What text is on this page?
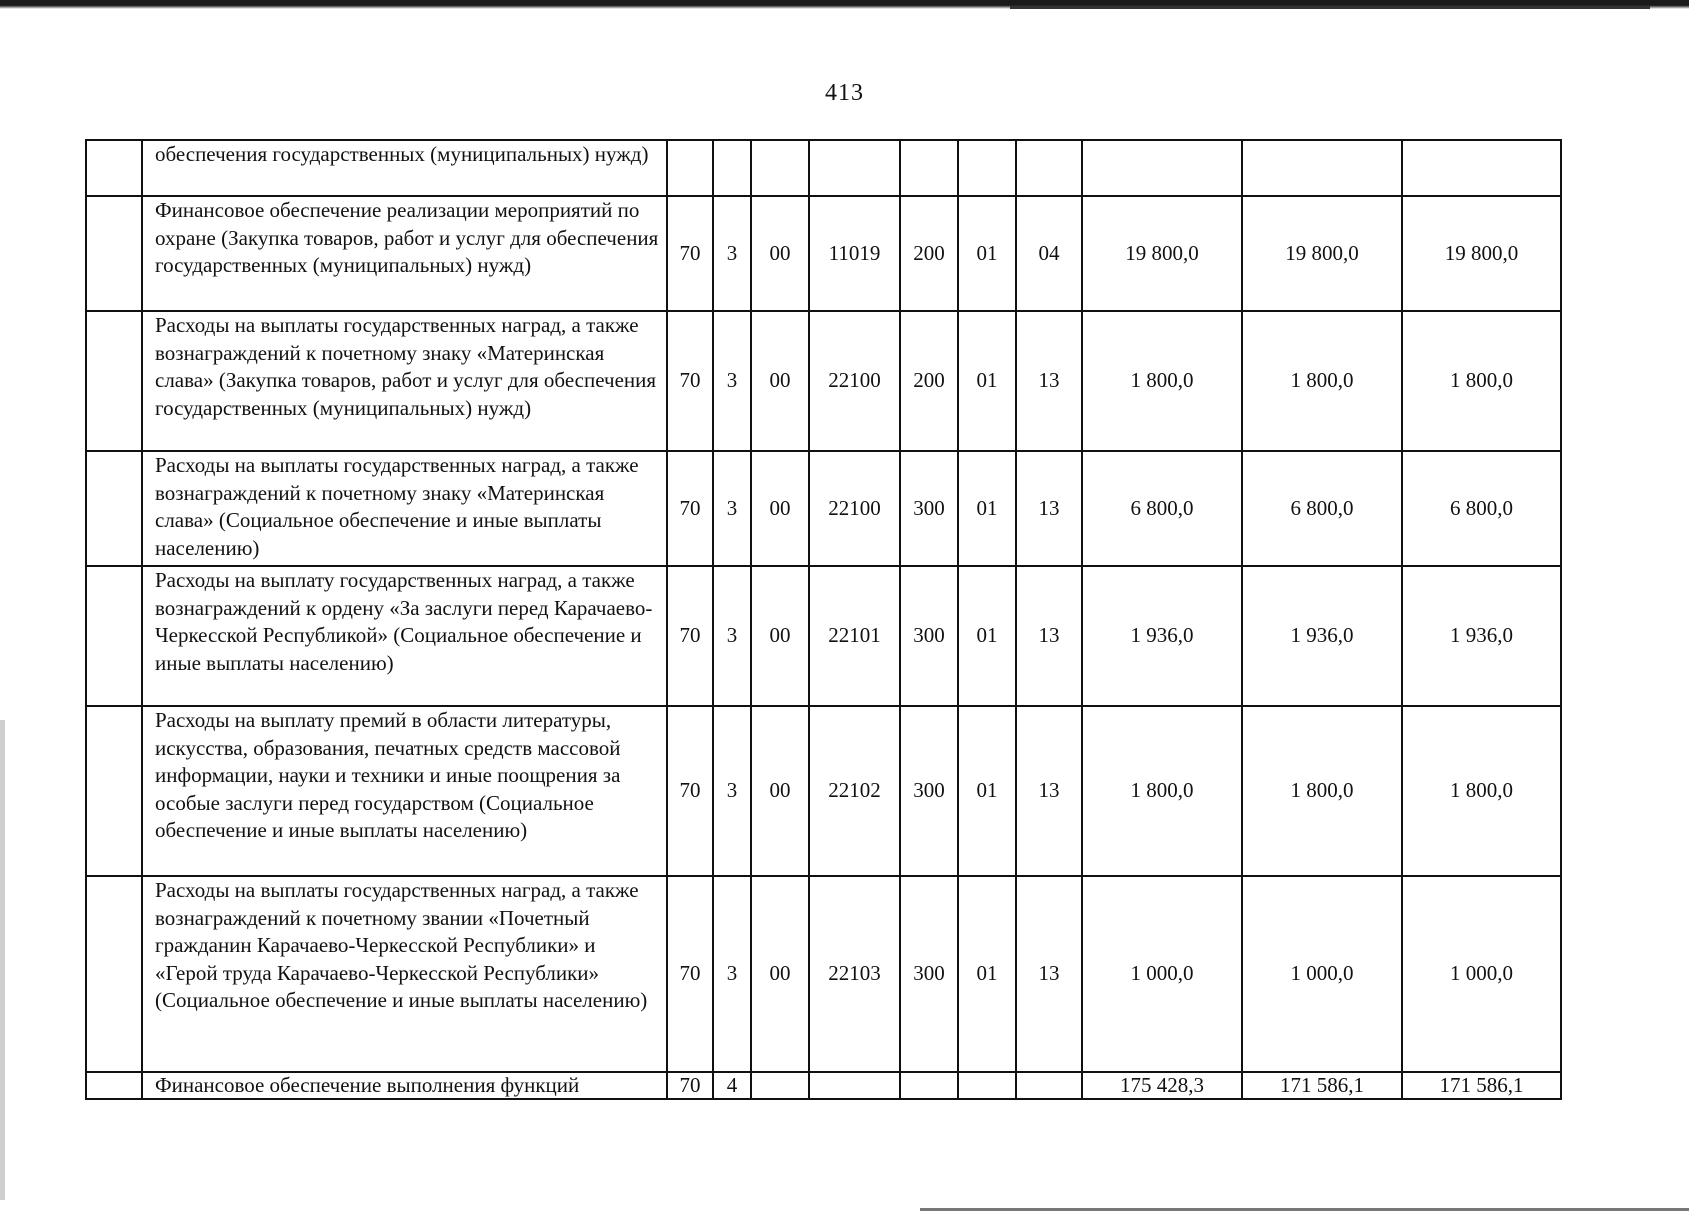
413
	обеспечения государственных (муниципальных) нужд)										
	Финансовое обеспечение реализации мероприятий по охране (Закупка товаров, работ и услуг для обеспечения государственных (муниципальных) нужд)	70	3	00	11019	200	01	04	19 800,0	19 800,0	19 800,0
	Расходы на выплаты государственных наград, а также вознаграждений к почетному знаку «Материнская слава» (Закупка товаров, работ и услуг для обеспечения государственных (муниципальных) нужд)	70	3	00	22100	200	01	13	1 800,0	1 800,0	1 800,0
	Расходы на выплаты государственных наград, а также вознаграждений к почетному знаку «Материнская слава» (Социальное обеспечение и иные выплаты населению)	70	3	00	22100	300	01	13	6 800,0	6 800,0	6 800,0
	Расходы на выплату государственных наград, а также вознаграждений к ордену «За заслуги перед Карачаево-Черкесской Республикой» (Социальное обеспечение и иные выплаты населению)	70	3	00	22101	300	01	13	1 936,0	1 936,0	1 936,0
	Расходы на выплату премий в области литературы, искусства, образования, печатных средств массовой информации, науки и техники и иные поощрения за особые заслуги перед государством (Социальное обеспечение и иные выплаты населению)	70	3	00	22102	300	01	13	1 800,0	1 800,0	1 800,0
	Расходы на выплаты государственных наград, а также вознаграждений к почетному звании «Почетный гражданин Карачаево-Черкесской Республики» и «Герой труда Карачаево-Черкесской Республики» (Социальное обеспечение и иные выплаты населению)	70	3	00	22103	300	01	13	1 000,0	1 000,0	1 000,0
	Финансовое обеспечение выполнения функций	70	4						175 428,3	171 586,1	171 586,1
